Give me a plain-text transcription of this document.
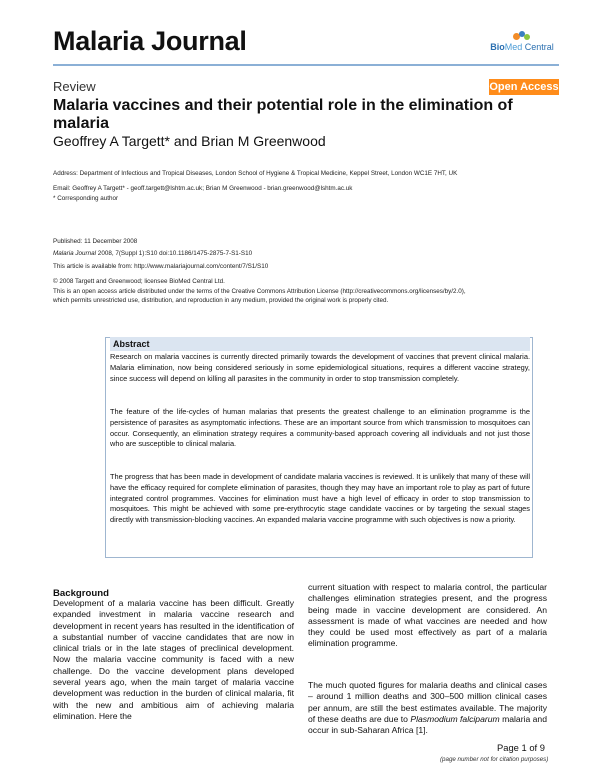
Malaria Journal	BioMed Central
Review	Open Access
Malaria vaccines and their potential role in the elimination of malaria
Geoffrey A Targett* and Brian M Greenwood
Address: Department of Infectious and Tropical Diseases, London School of Hygiene & Tropical Medicine, Keppel Street, London WC1E 7HT, UK
Email: Geoffrey A Targett* - geoff.targett@lshtm.ac.uk; Brian M Greenwood - brian.greenwood@lshtm.ac.uk
* Corresponding author
Published: 11 December 2008
Malaria Journal 2008, 7(Suppl 1):S10 doi:10.1186/1475-2875-7-S1-S10
This article is available from: http://www.malariajournal.com/content/7/S1/S10
© 2008 Targett and Greenwood; licensee BioMed Central Ltd.
This is an open access article distributed under the terms of the Creative Commons Attribution License (http://creativecommons.org/licenses/by/2.0),
which permits unrestricted use, distribution, and reproduction in any medium, provided the original work is properly cited.
Abstract
Research on malaria vaccines is currently directed primarily towards the development of vaccines that prevent clinical malaria. Malaria elimination, now being considered seriously in some epidemiological situations, requires a different vaccine strategy, since success will depend on killing all parasites in the community in order to stop transmission completely.
The feature of the life-cycles of human malarias that presents the greatest challenge to an elimination programme is the persistence of parasites as asymptomatic infections. These are an important source from which transmission to mosquitoes can occur. Consequently, an elimination strategy requires a community-based approach covering all individuals and not just those who are susceptible to clinical malaria.
The progress that has been made in development of candidate malaria vaccines is reviewed. It is unlikely that many of these will have the efficacy required for complete elimination of parasites, though they may have an important role to play as part of future integrated control programmes. Vaccines for elimination must have a high level of efficacy in order to stop transmission to mosquitoes. This might be achieved with some pre-erythrocytic stage candidate vaccines or by targeting the sexual stages directly with transmission-blocking vaccines. An expanded malaria vaccine programme with such objectives is now a priority.
Background
Development of a malaria vaccine has been difficult. Greatly expanded investment in malaria vaccine research and development in recent years has resulted in the identification of a substantial number of vaccine candidates that are now in clinical trials or in the late stages of preclinical development. Now the malaria vaccine community is faced with a new challenge. Do the vaccine development plans developed several years ago, when the main target of malaria vaccine development was reduction in the burden of clinical malaria, fit with the new and ambitious aim of achieving malaria elimination. Here the
current situation with respect to malaria control, the particular challenges elimination strategies present, and the progress being made in vaccine development are considered. An assessment is made of what vaccines are needed and how they could be used most effectively as part of a malaria elimination programme.
The much quoted figures for malaria deaths and clinical cases – around 1 million deaths and 300–500 million clinical cases per annum, are still the best estimates available. The majority of these deaths are due to Plasmodium falciparum malaria and occur in sub-Saharan Africa [1].
Page 1 of 9
(page number not for citation purposes)
